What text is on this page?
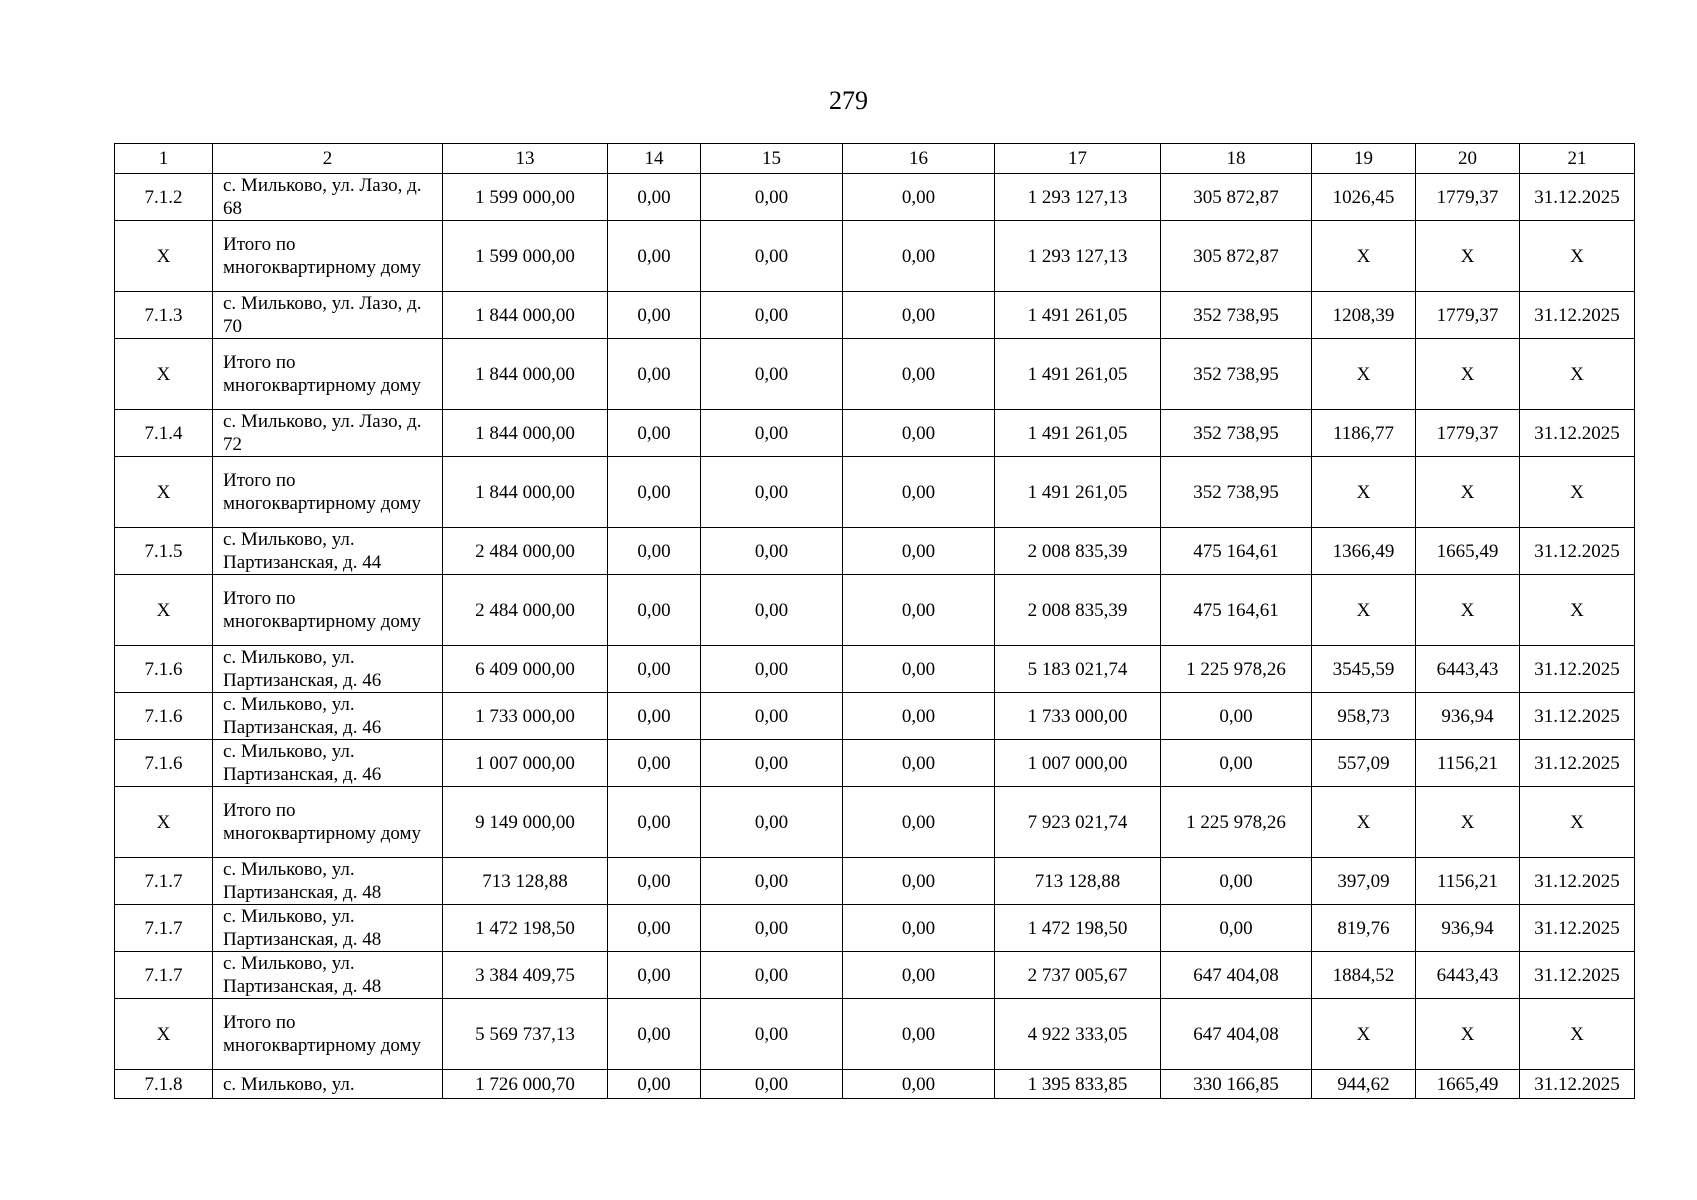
279
1	2	13	14	15	16	17	18	19	20	21
7.1.2	с. Мильково, ул. Лазо, д. 68	1 599 000,00	0,00	0,00	0,00	1 293 127,13	305 872,87	1026,45	1779,37	31.12.2025
X	Итого по многоквартирному дому	1 599 000,00	0,00	0,00	0,00	1 293 127,13	305 872,87	X	X	X
7.1.3	с. Мильково, ул. Лазо, д. 70	1 844 000,00	0,00	0,00	0,00	1 491 261,05	352 738,95	1208,39	1779,37	31.12.2025
X	Итого по многоквартирному дому	1 844 000,00	0,00	0,00	0,00	1 491 261,05	352 738,95	X	X	X
7.1.4	с. Мильково, ул. Лазо, д. 72	1 844 000,00	0,00	0,00	0,00	1 491 261,05	352 738,95	1186,77	1779,37	31.12.2025
X	Итого по многоквартирному дому	1 844 000,00	0,00	0,00	0,00	1 491 261,05	352 738,95	X	X	X
7.1.5	с. Мильково, ул. Партизанская, д. 44	2 484 000,00	0,00	0,00	0,00	2 008 835,39	475 164,61	1366,49	1665,49	31.12.2025
X	Итого по многоквартирному дому	2 484 000,00	0,00	0,00	0,00	2 008 835,39	475 164,61	X	X	X
7.1.6	с. Мильково, ул. Партизанская, д. 46	6 409 000,00	0,00	0,00	0,00	5 183 021,74	1 225 978,26	3545,59	6443,43	31.12.2025
7.1.6	с. Мильково, ул. Партизанская, д. 46	1 733 000,00	0,00	0,00	0,00	1 733 000,00	0,00	958,73	936,94	31.12.2025
7.1.6	с. Мильково, ул. Партизанская, д. 46	1 007 000,00	0,00	0,00	0,00	1 007 000,00	0,00	557,09	1156,21	31.12.2025
X	Итого по многоквартирному дому	9 149 000,00	0,00	0,00	0,00	7 923 021,74	1 225 978,26	X	X	X
7.1.7	с. Мильково, ул. Партизанская, д. 48	713 128,88	0,00	0,00	0,00	713 128,88	0,00	397,09	1156,21	31.12.2025
7.1.7	с. Мильково, ул. Партизанская, д. 48	1 472 198,50	0,00	0,00	0,00	1 472 198,50	0,00	819,76	936,94	31.12.2025
7.1.7	с. Мильково, ул. Партизанская, д. 48	3 384 409,75	0,00	0,00	0,00	2 737 005,67	647 404,08	1884,52	6443,43	31.12.2025
X	Итого по многоквартирному дому	5 569 737,13	0,00	0,00	0,00	4 922 333,05	647 404,08	X	X	X
7.1.8	с. Мильково, ул.	1 726 000,70	0,00	0,00	0,00	1 395 833,85	330 166,85	944,62	1665,49	31.12.2025
